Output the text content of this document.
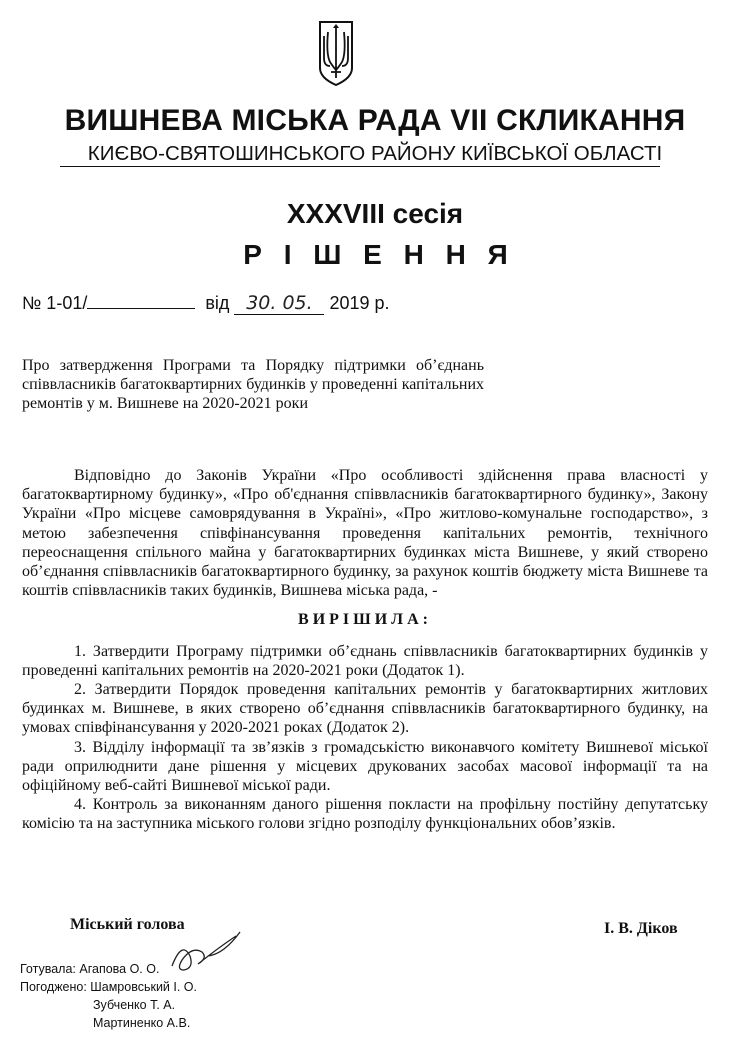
ВИШНЕВА МІСЬКА РАДА VII СКЛИКАННЯ
КИЄВО-СВЯТОШИНСЬКОГО РАЙОНУ КИЇВСЬКОЇ ОБЛАСТІ
XXXVIII сесія
Р І Ш Е Н Н Я
№ 1-01/	від 30. 05. 2019 р.
Про затвердження Програми та Порядку підтримки об’єднань співвласників багатоквартирних будинків у проведенні капітальних ремонтів у м. Вишневе на 2020-2021 роки

Відповідно до Законів України «Про особливості здійснення права власності у багатоквартирному будинку», «Про об'єднання співвласників багатоквартирного будинку», Закону України «Про місцеве самоврядування в Україні», «Про житлово-комунальне господарство», з метою забезпечення співфінансування проведення капітальних ремонтів, технічного переоснащення спільного майна у багатоквартирних будинках міста Вишневе, у який створено об’єднання співвласників багатоквартирного будинку, за рахунок коштів бюджету міста Вишневе та коштів співвласників таких будинків, Вишнева міська рада, -

ВИРІШИЛА:

1. Затвердити Програму підтримки об’єднань співвласників багатоквартирних будинків у проведенні капітальних ремонтів на 2020-2021 роки (Додаток 1).

2. Затвердити Порядок проведення капітальних ремонтів у багатоквартирних житлових будинках м. Вишневе, в яких створено об’єднання співвласників багатоквартирного будинку, на умовах співфінансування у 2020-2021 роках (Додаток 2).

3. Відділу інформації та зв’язків з громадськістю виконавчого комітету Вишневої міської ради оприлюднити дане рішення у місцевих друкованих засобах масової інформації та на офіційному веб-сайті Вишневої міської ради.

4. Контроль за виконанням даного рішення покласти на профільну постійну депутатську комісію та на заступника міського голови згідно розподілу функціональних обов’язків.

Міський голова	І. В. Діков
Готувала: Агапова О. О.
Погоджено: Шамровський І. О.
Зубченко Т. А.
Мартиненко А.В.
